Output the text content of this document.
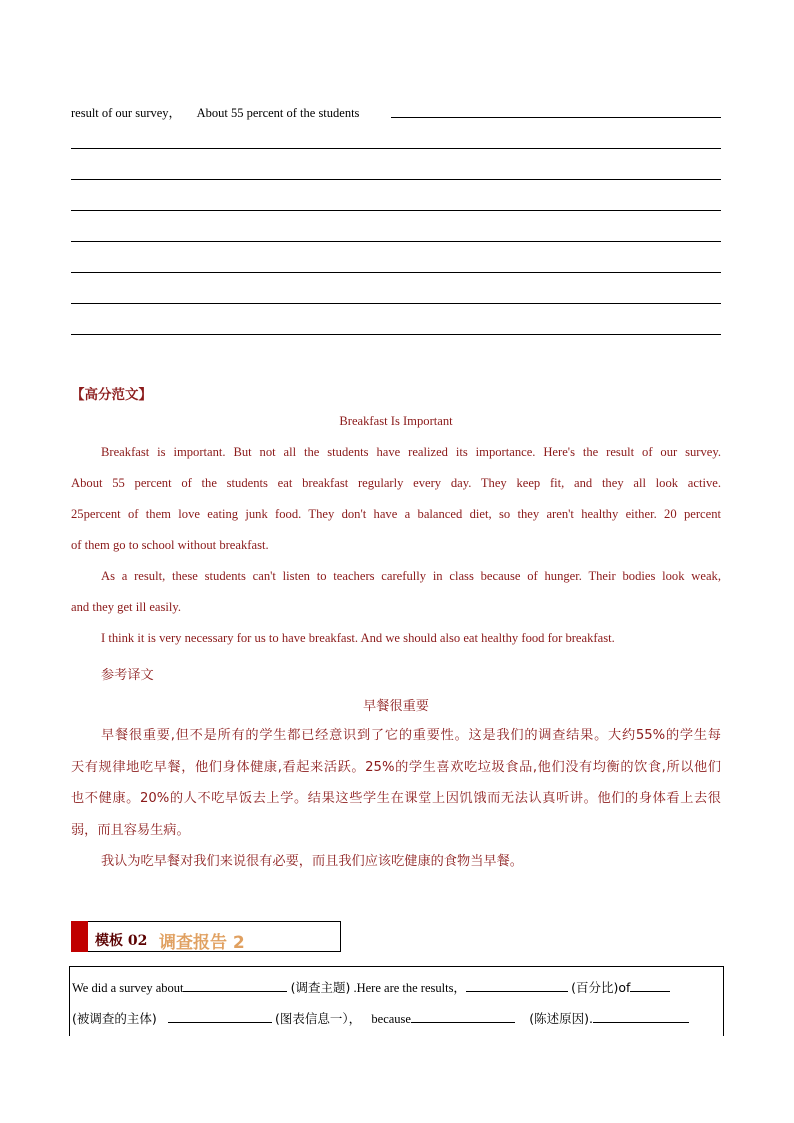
result of our survey， About 55 percent of the students
【高分范文】
Breakfast Is Important

Breakfast is important. But not all the students have realized its importance. Here's the result of our survey.

About 55 percent of the students eat breakfast regularly every day. They keep fit, and they all look active.

25percent of them love eating junk food. They don't have a balanced diet, so they aren't healthy either. 20 percent

of them go to school without breakfast.

As a result, these students can't listen to teachers carefully in class because of hunger. Their bodies look weak,

and they get ill easily.

I think it is very necessary for us to have breakfast. And we should also eat healthy food for breakfast.

参考译文
早餐很重要

早餐很重要,但不是所有的学生都已经意识到了它的重要性。这是我们的调查结果。大约55%的学生每

天有规律地吃早餐，他们身体健康,看起来活跃。25%的学生喜欢吃垃圾食品,他们没有均衡的饮食,所以他们

也不健康。20%的人不吃早饭去上学。结果这些学生在课堂上因饥饿而无法认真听讲。他们的身体看上去很

弱，而且容易生病。

我认为吃早餐对我们来说很有必要，而且我们应该吃健康的食物当早餐。

模板 02 调查报告 2
We did a survey about	(调查主题) .Here are the results，	(百分比)of
(被调查的主体)	(图表信息一）， because	(陈述原因).
